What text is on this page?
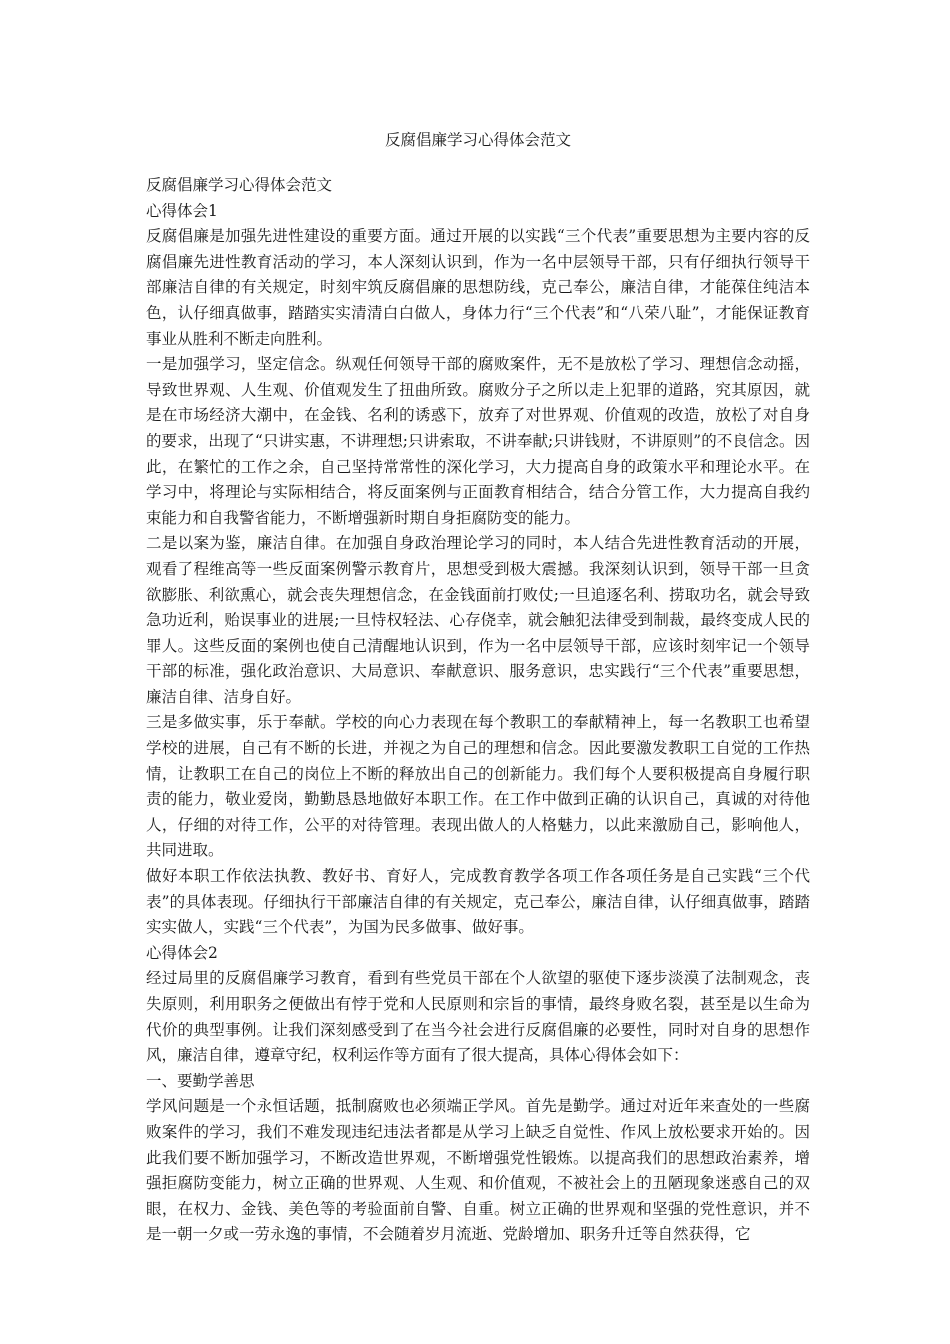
反腐倡廉学习心得体会范文

反腐倡廉学习心得体会范文

心得体会1

反腐倡廉是加强先进性建设的重要方面。通过开展的以实践“三个代表”重要思想为主要内容的反腐倡廉先进性教育活动的学习，本人深刻认识到，作为一名中层领导干部，只有仔细执行领导干部廉洁自律的有关规定，时刻牢筑反腐倡廉的思想防线，克己奉公，廉洁自律，才能葆住纯洁本色，认仔细真做事，踏踏实实清清白白做人，身体力行“三个代表”和“八荣八耻”，才能保证教育事业从胜利不断走向胜利。

一是加强学习，坚定信念。纵观任何领导干部的腐败案件，无不是放松了学习、理想信念动摇，导致世界观、人生观、价值观发生了扭曲所致。腐败分子之所以走上犯罪的道路，究其原因，就是在市场经济大潮中，在金钱、名利的诱惑下，放弃了对世界观、价值观的改造，放松了对自身的要求，出现了“只讲实惠，不讲理想;只讲索取，不讲奉献;只讲钱财，不讲原则”的不良信念。因此，在繁忙的工作之余，自己坚持常常性的深化学习，大力提高自身的政策水平和理论水平。在学习中，将理论与实际相结合，将反面案例与正面教育相结合，结合分管工作，大力提高自我约束能力和自我警省能力，不断增强新时期自身拒腐防变的能力。

二是以案为鉴，廉洁自律。在加强自身政治理论学习的同时，本人结合先进性教育活动的开展，观看了程维高等一些反面案例警示教育片，思想受到极大震撼。我深刻认识到，领导干部一旦贪欲膨胀、利欲熏心，就会丧失理想信念，在金钱面前打败仗;一旦追逐名利、捞取功名，就会导致急功近利，贻误事业的进展;一旦恃权轻法、心存侥幸，就会触犯法律受到制裁，最终变成人民的罪人。这些反面的案例也使自己清醒地认识到，作为一名中层领导干部，应该时刻牢记一个领导干部的标准，强化政治意识、大局意识、奉献意识、服务意识，忠实践行“三个代表”重要思想，廉洁自律、洁身自好。

三是多做实事，乐于奉献。学校的向心力表现在每个教职工的奉献精神上，每一名教职工也希望学校的进展，自己有不断的长进，并视之为自己的理想和信念。因此要激发教职工自觉的工作热情，让教职工在自己的岗位上不断的释放出自己的创新能力。我们每个人要积极提高自身履行职责的能力，敬业爱岗，勤勤恳恳地做好本职工作。在工作中做到正确的认识自己，真诚的对待他人，仔细的对待工作，公平的对待管理。表现出做人的人格魅力，以此来激励自己，影响他人，共同进取。

做好本职工作依法执教、教好书、育好人，完成教育教学各项工作各项任务是自己实践“三个代表”的具体表现。仔细执行干部廉洁自律的有关规定，克己奉公，廉洁自律，认仔细真做事，踏踏实实做人，实践“三个代表”，为国为民多做事、做好事。

心得体会2

经过局里的反腐倡廉学习教育，看到有些党员干部在个人欲望的驱使下逐步淡漠了法制观念，丧失原则，利用职务之便做出有悖于党和人民原则和宗旨的事情，最终身败名裂，甚至是以生命为代价的典型事例。让我们深刻感受到了在当今社会进行反腐倡廉的必要性，同时对自身的思想作风，廉洁自律，遵章守纪，权利运作等方面有了很大提高，具体心得体会如下：

一、要勤学善思

学风问题是一个永恒话题，抵制腐败也必须端正学风。首先是勤学。通过对近年来查处的一些腐败案件的学习，我们不难发现违纪违法者都是从学习上缺乏自觉性、作风上放松要求开始的。因此我们要不断加强学习，不断改造世界观，不断增强党性锻炼。以提高我们的思想政治素养，增强拒腐防变能力，树立正确的世界观、人生观、和价值观，不被社会上的丑陋现象迷惑自己的双眼，在权力、金钱、美色等的考验面前自警、自重。树立正确的世界观和坚强的党性意识，并不是一朝一夕或一劳永逸的事情，不会随着岁月流逝、党龄增加、职务升迁等自然获得，它
